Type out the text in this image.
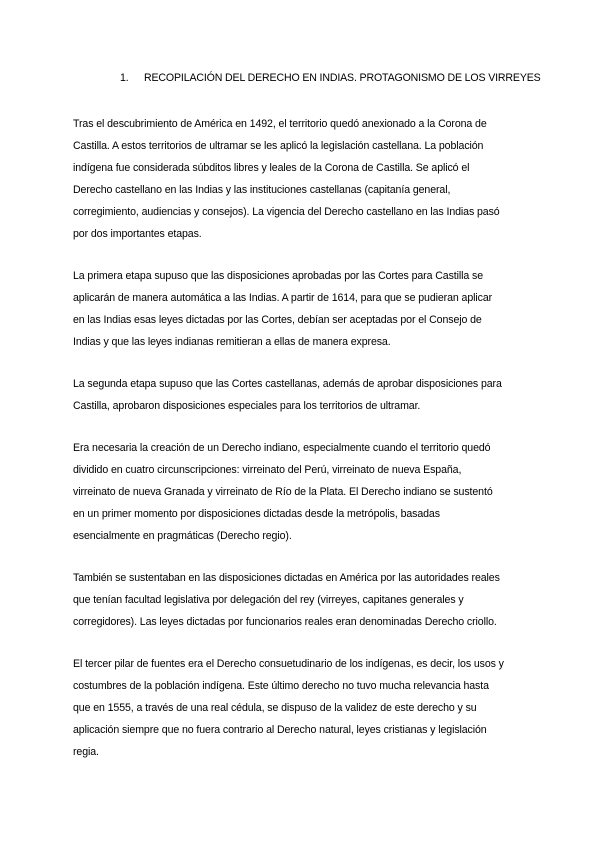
1. RECOPILACIÓN DEL DERECHO EN INDIAS. PROTAGONISMO DE LOS VIRREYES

Tras el descubrimiento de América en 1492, el territorio quedó anexionado a la Corona de
Castilla. A estos territorios de ultramar se les aplicó la legislación castellana. La población
indígena fue considerada súbditos libres y leales de la Corona de Castilla. Se aplicó el
Derecho castellano en las Indias y las instituciones castellanas (capitanía general,
corregimiento, audiencias y consejos). La vigencia del Derecho castellano en las Indias pasó
por dos importantes etapas.

La primera etapa supuso que las disposiciones aprobadas por las Cortes para Castilla se
aplicarán de manera automática a las Indias. A partir de 1614, para que se pudieran aplicar
en las Indias esas leyes dictadas por las Cortes, debían ser aceptadas por el Consejo de
Indias y que las leyes indianas remitieran a ellas de manera expresa.

La segunda etapa supuso que las Cortes castellanas, además de aprobar disposiciones para
Castilla, aprobaron disposiciones especiales para los territorios de ultramar.

Era necesaria la creación de un Derecho indiano, especialmente cuando el territorio quedó
dividido en cuatro circunscripciones: virreinato del Perú, virreinato de nueva España,
virreinato de nueva Granada y virreinato de Río de la Plata. El Derecho indiano se sustentó
en un primer momento por disposiciones dictadas desde la metrópolis, basadas
esencialmente en pragmáticas (Derecho regio).

También se sustentaban en las disposiciones dictadas en América por las autoridades reales
que tenían facultad legislativa por delegación del rey (virreyes, capitanes generales y
corregidores). Las leyes dictadas por funcionarios reales eran denominadas Derecho criollo.

El tercer pilar de fuentes era el Derecho consuetudinario de los indígenas, es decir, los usos y
costumbres de la población indígena. Este último derecho no tuvo mucha relevancia hasta
que en 1555, a través de una real cédula, se dispuso de la validez de este derecho y su
aplicación siempre que no fuera contrario al Derecho natural, leyes cristianas y legislación
regia.
